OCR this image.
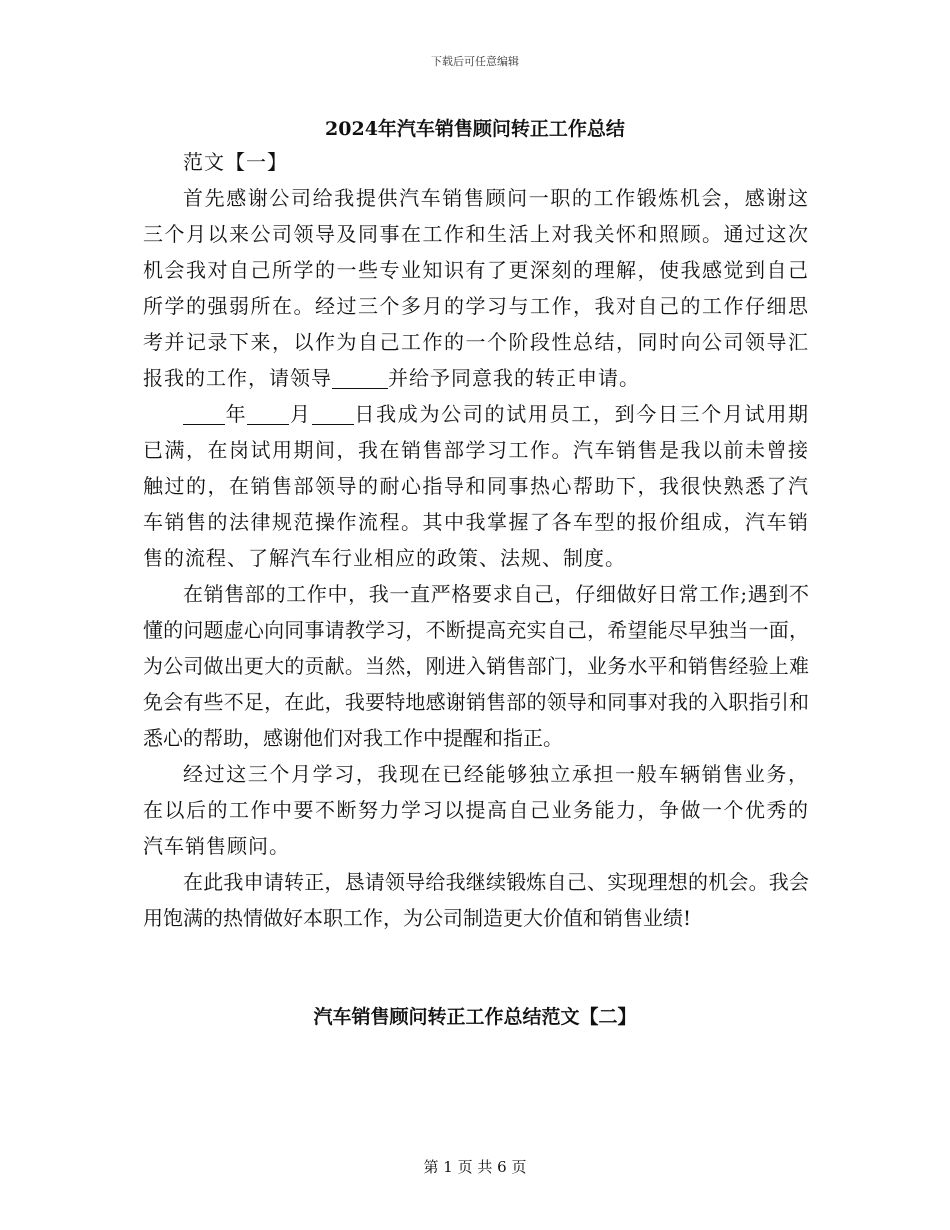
下载后可任意编辑
2024年汽车销售顾问转正工作总结

范文【一】

首先感谢公司给我提供汽车销售顾问一职的工作锻炼机会，感谢这三个月以来公司领导及同事在工作和生活上对我关怀和照顾。通过这次机会我对自己所学的一些专业知识有了更深刻的理解，使我感觉到自己所学的强弱所在。经过三个多月的学习与工作，我对自己的工作仔细思考并记录下来，以作为自己工作的一个阶段性总结，同时向公司领导汇报我的工作，请领导	并给予同意我的转正申请。

年 月 日我成为公司的试用员工，到今日三个月试用期已满，在岗试用期间，我在销售部学习工作。汽车销售是我以前未曾接触过的，在销售部领导的耐心指导和同事热心帮助下，我很快熟悉了汽车销售的法律规范操作流程。其中我掌握了各车型的报价组成，汽车销售的流程、了解汽车行业相应的政策、法规、制度。

在销售部的工作中，我一直严格要求自己，仔细做好日常工作;遇到不懂的问题虚心向同事请教学习，不断提高充实自己，希望能尽早独当一面，为公司做出更大的贡献。当然，刚进入销售部门，业务水平和销售经验上难免会有些不足，在此，我要特地感谢销售部的领导和同事对我的入职指引和悉心的帮助，感谢他们对我工作中提醒和指正。

经过这三个月学习，我现在已经能够独立承担一般车辆销售业务，在以后的工作中要不断努力学习以提高自己业务能力，争做一个优秀的汽车销售顾问。

在此我申请转正，恳请领导给我继续锻炼自己、实现理想的机会。我会用饱满的热情做好本职工作，为公司制造更大价值和销售业绩!

汽车销售顾问转正工作总结范文【二】
第 1 页 共 6 页
